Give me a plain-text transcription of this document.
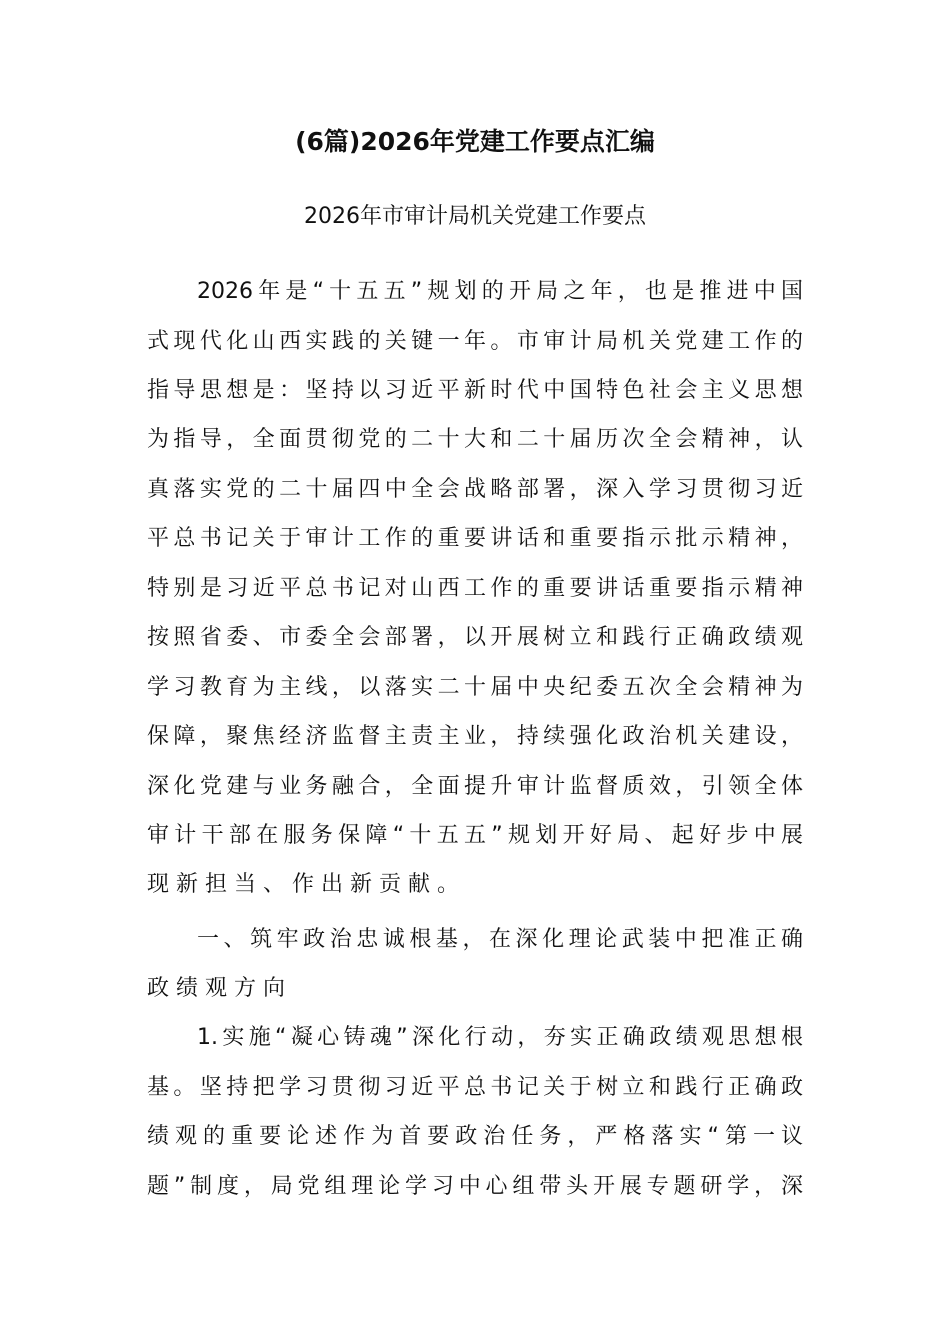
(6篇)2026年党建工作要点汇编
2026年市审计局机关党建工作要点
2026年是“十五五”规划的开局之年，也是推进中国
式现代化山西实践的关键一年。市审计局机关党建工作的
指导思想是：坚持以习近平新时代中国特色社会主义思想
为指导，全面贯彻党的二十大和二十届历次全会精神，认
真落实党的二十届四中全会战略部署，深入学习贯彻习近
平总书记关于审计工作的重要讲话和重要指示批示精神，
特别是习近平总书记对山西工作的重要讲话重要指示精神
按照省委、市委全会部署，以开展树立和践行正确政绩观
学习教育为主线，以落实二十届中央纪委五次全会精神为
保障，聚焦经济监督主责主业，持续强化政治机关建设，
深化党建与业务融合，全面提升审计监督质效，引领全体
审计干部在服务保障“十五五”规划开好局、起好步中展
现新担当、作出新贡献。
一、筑牢政治忠诚根基，在深化理论武装中把准正确
政绩观方向
1.实施“凝心铸魂”深化行动，夯实正确政绩观思想根
基。坚持把学习贯彻习近平总书记关于树立和践行正确政
绩观的重要论述作为首要政治任务，严格落实“第一议
题”制度，局党组理论学习中心组带头开展专题研学，深
